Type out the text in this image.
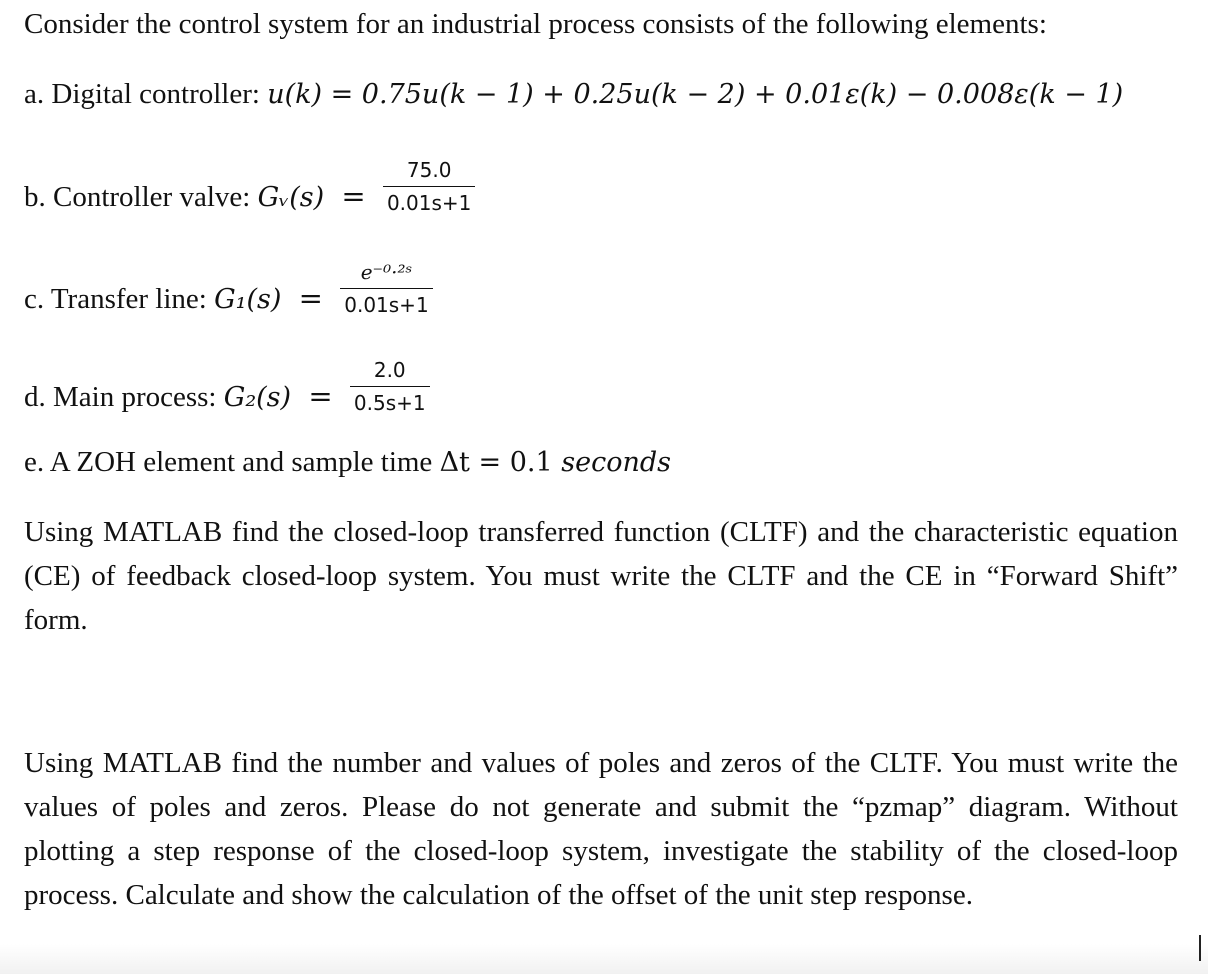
Consider the control system for an industrial process consists of the following elements:
a. Digital controller: u(k) = 0.75u(k − 1) + 0.25u(k − 2) + 0.01ε(k) − 0.008ε(k − 1)
b. Controller valve: Gᵥ(s) = $\frac{75.0}{0.01s+1}$
c. Transfer line: $G_1(s) = \frac{\text{e⁻⁰·²ˢ}}{0.01s+1}$
d. Main process: $G_2(s) = \frac{2.0}{0.5s+1}$
e. A ZOH element and sample time Δt = 0.1 seconds

Using MATLAB find the closed-loop transferred function (CLTF) and the characteristic equation (CE) of feedback closed-loop system. You must write the CLTF and the CE in “Forward Shift” form.

Using MATLAB find the number and values of poles and zeros of the CLTF. You must write the values of poles and zeros. Please do not generate and submit the “pzmap” diagram. Without plotting a step response of the closed-loop system, investigate the stability of the closed-loop process. Calculate and show the calculation of the offset of the unit step response.
